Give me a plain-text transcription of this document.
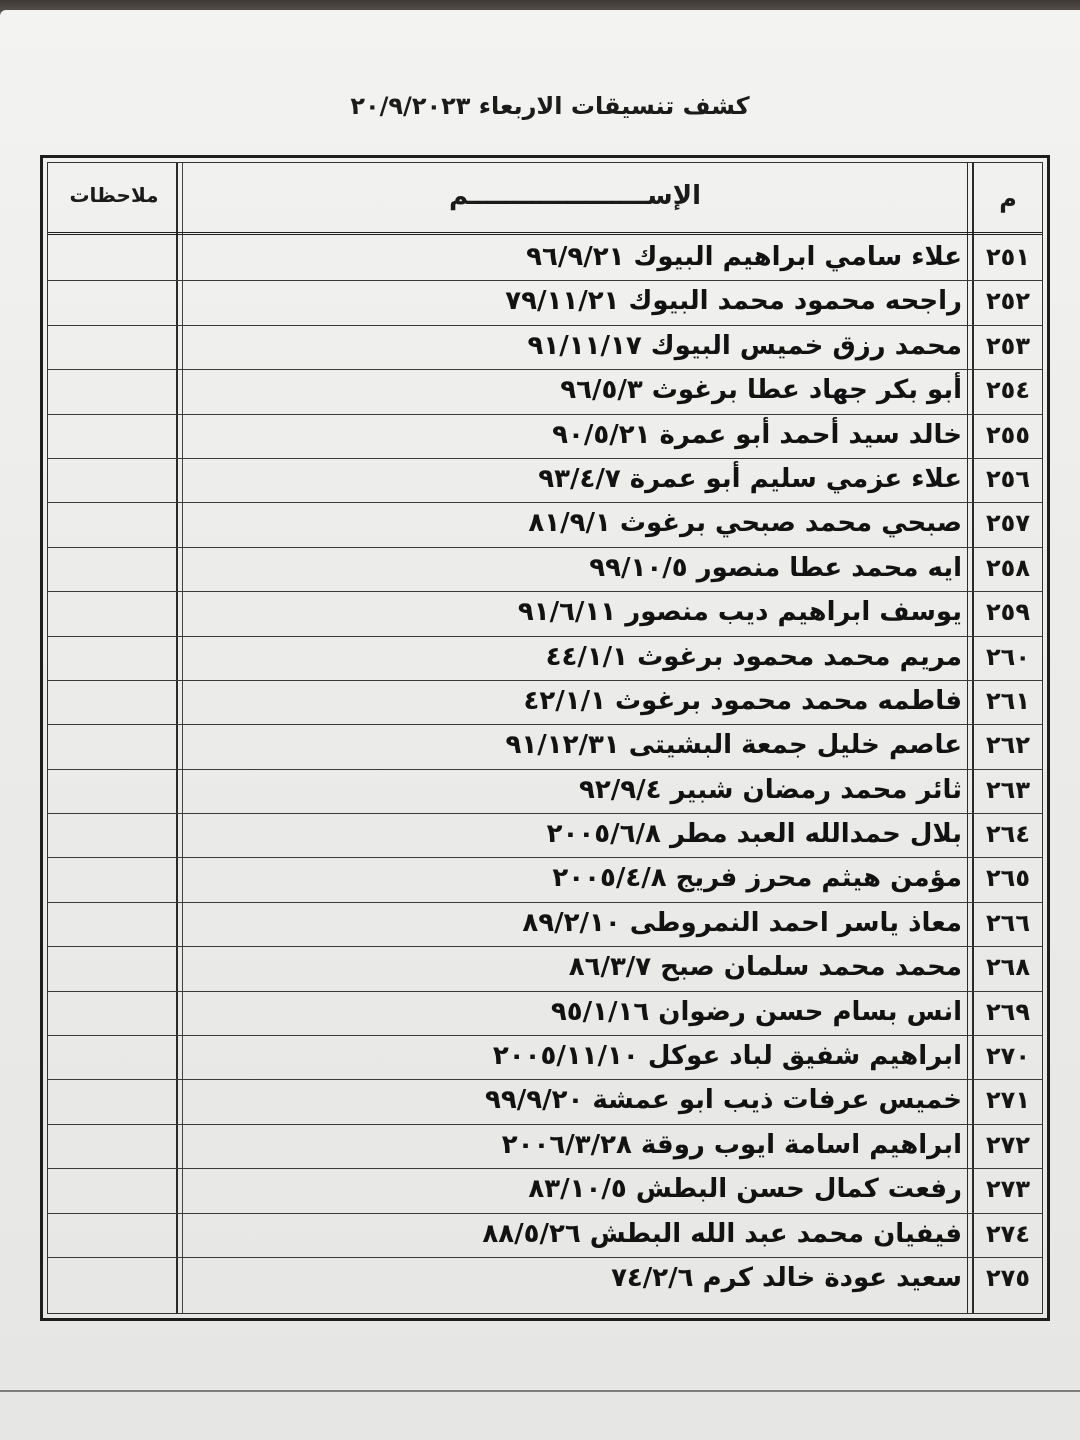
كشف تنسيقات الاربعاء ٢٠/٩/٢٠٢٣
م
الإســــــــــــــــــــم
ملاحظات
٢٥١
علاء سامي ابراهيم البيوك ٩٦/٩/٢١
٢٥٢
راجحه محمود محمد البيوك ٧٩/١١/٢١
٢٥٣
محمد رزق خميس البيوك ٩١/١١/١٧
٢٥٤
أبو بكر جهاد عطا برغوث ٩٦/٥/٣
٢٥٥
خالد سيد أحمد أبو عمرة ٩٠/٥/٢١
٢٥٦
علاء عزمي سليم أبو عمرة ٩٣/٤/٧
٢٥٧
صبحي محمد صبحي برغوث ٨١/٩/١
٢٥٨
ايه محمد عطا منصور ٩٩/١٠/٥
٢٥٩
يوسف ابراهيم ديب منصور ٩١/٦/١١
٢٦٠
مريم محمد محمود برغوث ٤٤/١/١
٢٦١
فاطمه محمد محمود برغوث ٤٢/١/١
٢٦٢
عاصم خليل جمعة البشيتى ٩١/١٢/٣١
٢٦٣
ثائر محمد رمضان شبير ٩٢/٩/٤
٢٦٤
بلال حمدالله العبد مطر ٢٠٠٥/٦/٨
٢٦٥
مؤمن هيثم محرز فريج ٢٠٠٥/٤/٨
٢٦٦
معاذ ياسر احمد النمروطى ٨٩/٢/١٠
٢٦٨
محمد محمد سلمان صبح ٨٦/٣/٧
٢٦٩
انس بسام حسن رضوان ٩٥/١/١٦
٢٧٠
ابراهيم شفيق لباد عوكل ٢٠٠٥/١١/١٠
٢٧١
خميس عرفات ذيب ابو عمشة ٩٩/٩/٢٠
٢٧٢
ابراهيم اسامة ايوب روقة ٢٠٠٦/٣/٢٨
٢٧٣
رفعت كمال حسن البطش ٨٣/١٠/٥
٢٧٤
فيفيان محمد عبد الله البطش ٨٨/٥/٢٦
٢٧٥
سعيد عودة خالد كرم ٧٤/٢/٦
